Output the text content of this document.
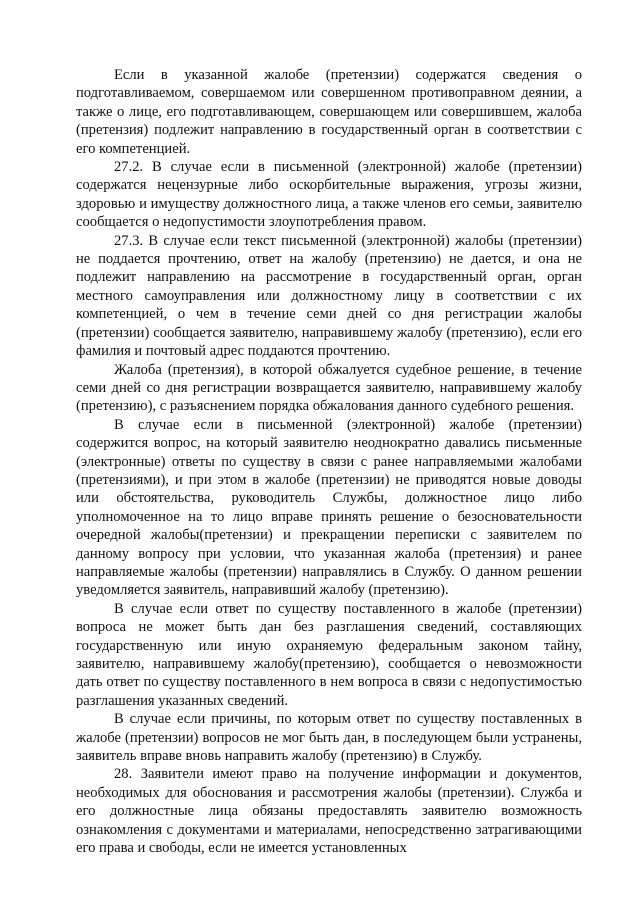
Если в указанной жалобе (претензии) содержатся сведения о подготавливаемом, совершаемом или совершенном противоправном деянии, а также о лице, его подготавливающем, совершающем или совершившем, жалоба (претензия) подлежит направлению в государственный орган в соответствии с его компетенцией.

27.2. В случае если в письменной (электронной) жалобе (претензии) содержатся нецензурные либо оскорбительные выражения, угрозы жизни, здоровью и имуществу должностного лица, а также членов его семьи, заявителю сообщается о недопустимости злоупотребления правом.

27.3. В случае если текст письменной (электронной) жалобы (претензии) не поддается прочтению, ответ на жалобу (претензию) не дается, и она не подлежит направлению на рассмотрение в государственный орган, орган местного самоуправления или должностному лицу в соответствии с их компетенцией, о чем в течение семи дней со дня регистрации жалобы (претензии) сообщается заявителю, направившему жалобу (претензию), если его фамилия и почтовый адрес поддаются прочтению.

Жалоба (претензия), в которой обжалуется судебное решение, в течение семи дней со дня регистрации возвращается заявителю, направившему жалобу (претензию), с разъяснением порядка обжалования данного судебного решения.

В случае если в письменной (электронной) жалобе (претензии) содержится вопрос, на который заявителю неоднократно давались письменные (электронные) ответы по существу в связи с ранее направляемыми жалобами (претензиями), и при этом в жалобе (претензии) не приводятся новые доводы или обстоятельства, руководитель Службы, должностное лицо либо уполномоченное на то лицо вправе принять решение о безосновательности очередной жалобы(претензии) и прекращении переписки с заявителем по данному вопросу при условии, что указанная жалоба (претензия) и ранее направляемые жалобы (претензии) направлялись в Службу. О данном решении уведомляется заявитель, направивший жалобу (претензию).

В случае если ответ по существу поставленного в жалобе (претензии) вопроса не может быть дан без разглашения сведений, составляющих государственную или иную охраняемую федеральным законом тайну, заявителю, направившему жалобу(претензию), сообщается о невозможности дать ответ по существу поставленного в нем вопроса в связи с недопустимостью разглашения указанных сведений.

В случае если причины, по которым ответ по существу поставленных в жалобе (претензии) вопросов не мог быть дан, в последующем были устранены, заявитель вправе вновь направить жалобу (претензию) в Службу.

28. Заявители имеют право на получение информации и документов, необходимых для обоснования и рассмотрения жалобы (претензии). Служба и его должностные лица обязаны предоставлять заявителю возможность ознакомления с документами и материалами, непосредственно затрагивающими его права и свободы, если не имеется установленных
